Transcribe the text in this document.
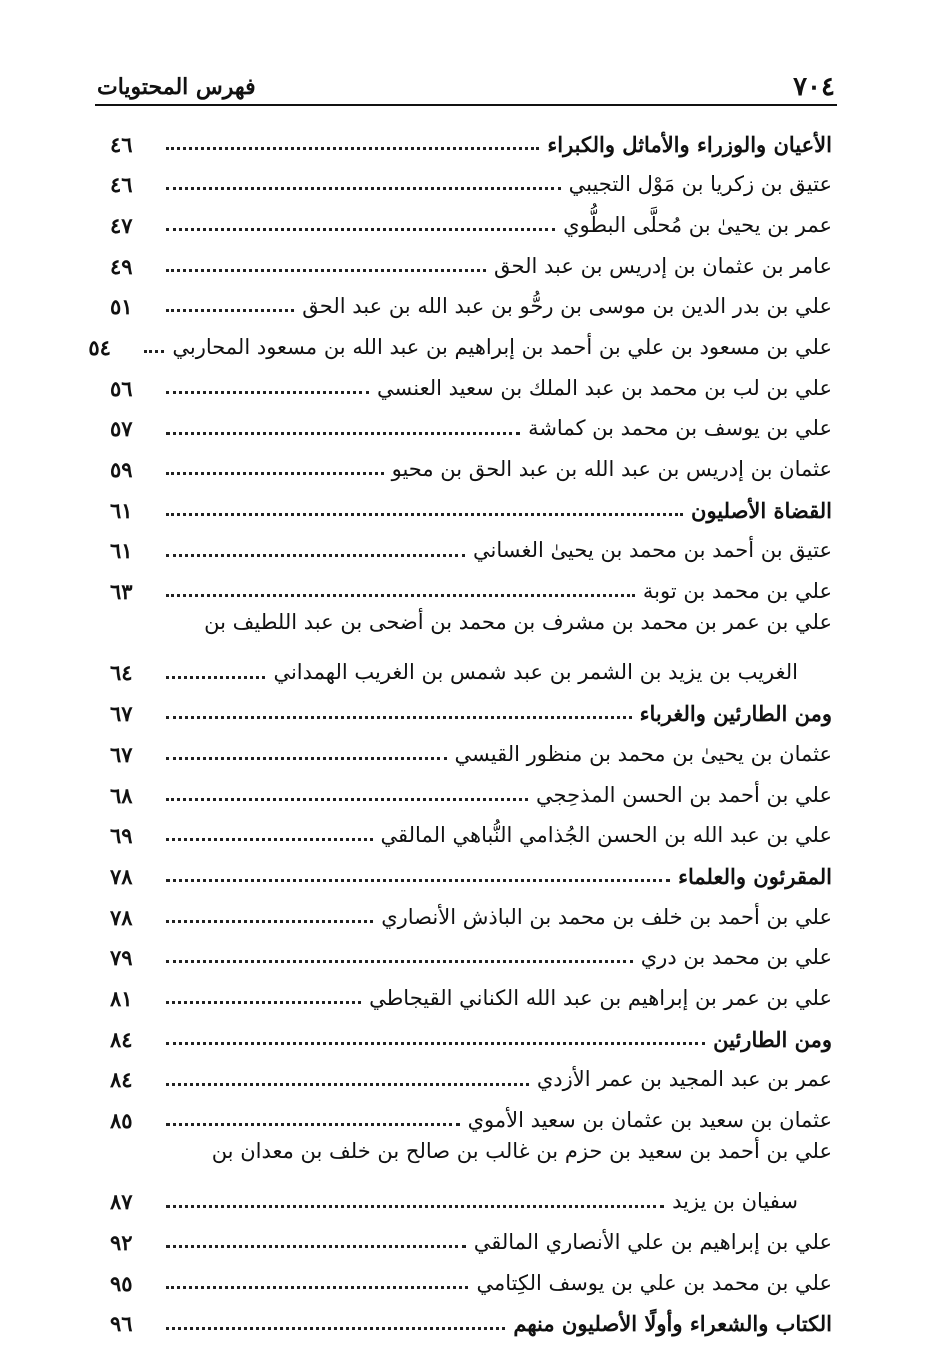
٧٠٤
فهرس المحتويات
الأعيان والوزراء والأماثل والكبراء
٤٦
عتيق بن زكريا بن مَوْل التجيبي
٤٦
عمر بن يحيىٰ بن مُحلَّى البطُّوي
٤٧
عامر بن عثمان بن إدريس بن عبد الحق
٤٩
علي بن بدر الدين بن موسى بن رحُّو بن عبد الله بن عبد الحق
٥١
علي بن مسعود بن علي بن أحمد بن إبراهيم بن عبد الله بن مسعود المحاربي
٥٤
علي بن لب بن محمد بن عبد الملك بن سعيد العنسي
٥٦
علي بن يوسف بن محمد بن كماشة
٥٧
عثمان بن إدريس بن عبد الله بن عبد الحق بن محيو
٥٩
القضاة الأصليون
٦١
عتيق بن أحمد بن محمد بن يحيىٰ الغساني
٦١
علي بن محمد بن توبة
٦٣
علي بن عمر بن محمد بن مشرف بن محمد بن أضحى بن عبد اللطيف بن
الغريب بن يزيد بن الشمر بن عبد شمس بن الغريب الهمداني
٦٤
ومن الطارئين والغرباء
٦٧
عثمان بن يحيىٰ بن محمد بن منظور القيسي
٦٧
علي بن أحمد بن الحسن المذحِجي
٦٨
علي بن عبد الله بن الحسن الجُذامي النُّباهي المالقي
٦٩
المقرئون والعلماء
٧٨
علي بن أحمد بن خلف بن محمد بن الباذش الأنصاري
٧٨
علي بن محمد بن دري
٧٩
علي بن عمر بن إبراهيم بن عبد الله الكناني القيجاطي
٨١
ومن الطارئين
٨٤
عمر بن عبد المجيد بن عمر الأزدي
٨٤
عثمان بن سعيد بن عثمان بن سعيد الأموي
٨٥
علي بن أحمد بن سعيد بن حزم بن غالب بن صالح بن خلف بن معدان بن
سفيان بن يزيد
٨٧
علي بن إبراهيم بن علي الأنصاري المالقي
٩٢
علي بن محمد بن علي بن يوسف الكِتامي
٩٥
الكتاب والشعراء وأولًا الأصليون منهم
٩٦
